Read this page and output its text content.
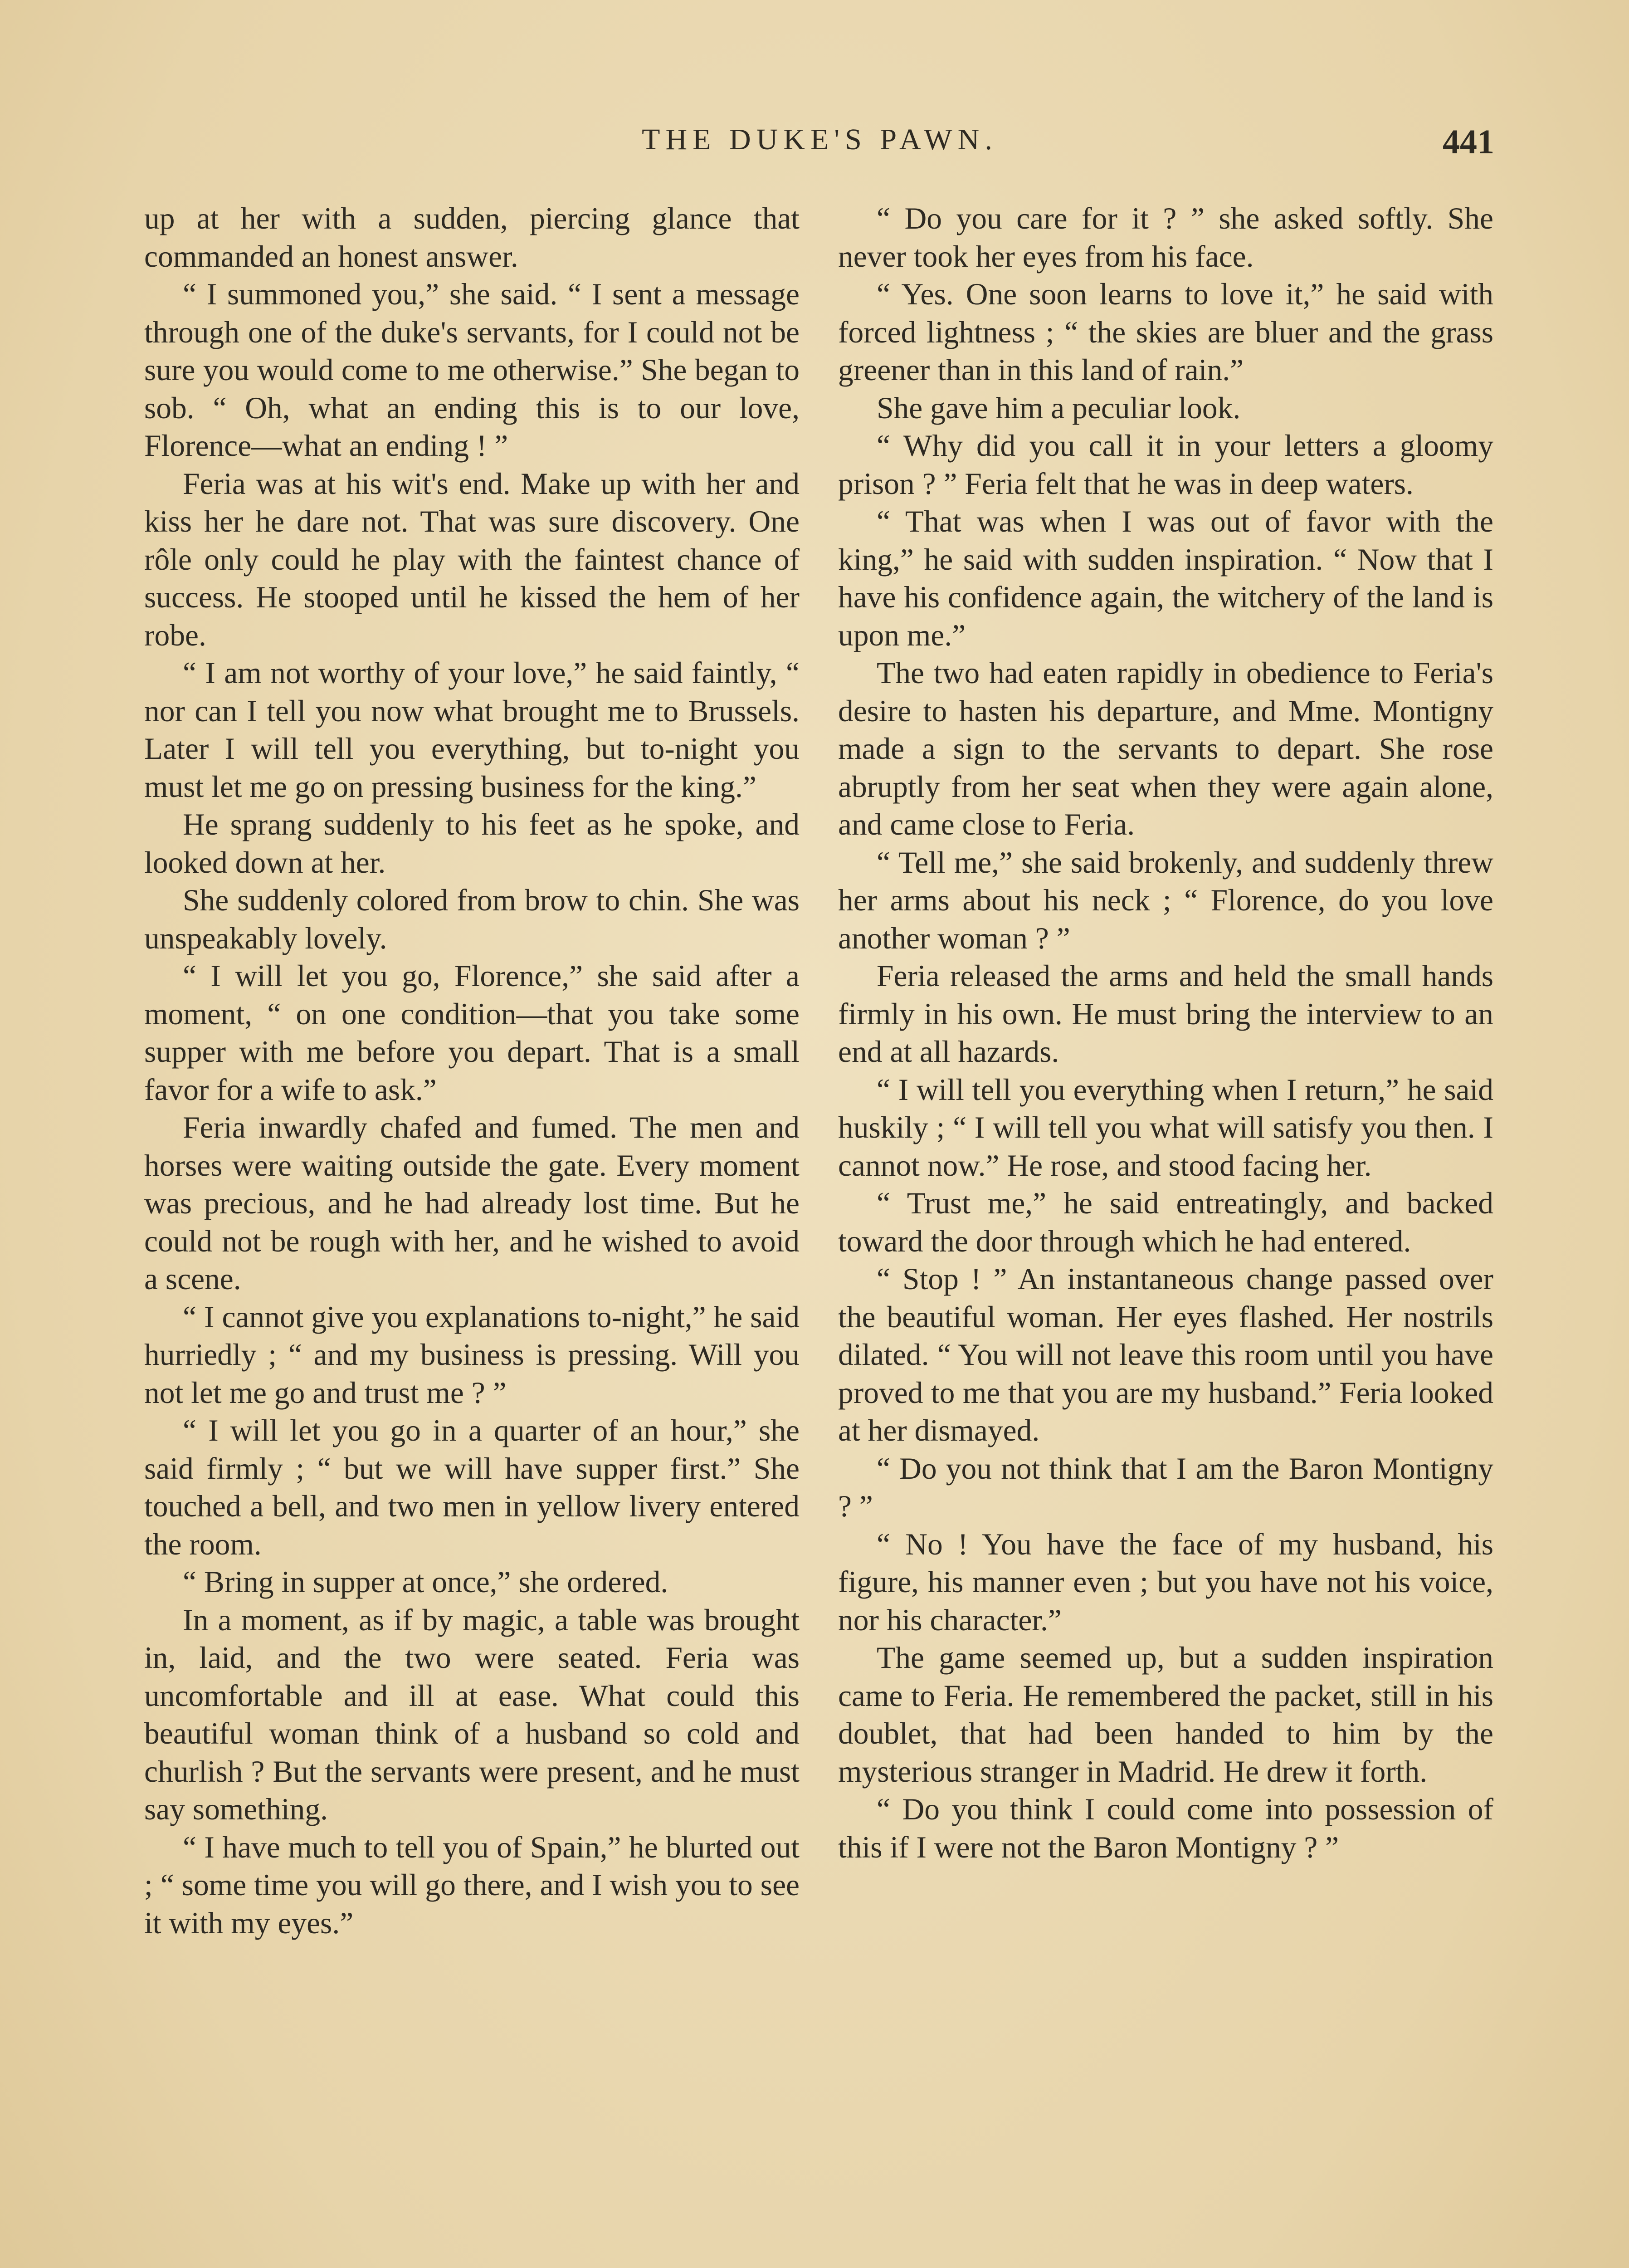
THE DUKE'S PAWN.	441

up at her with a sudden, piercing glance that commanded an honest answer.

“ I summoned you,” she said. “ I sent a message through one of the duke's servants, for I could not be sure you would come to me otherwise.” She began to sob. “ Oh, what an ending this is to our love, Florence—what an ending ! ”

Feria was at his wit's end. Make up with her and kiss her he dare not. That was sure discovery. One rôle only could he play with the faintest chance of success. He stooped until he kissed the hem of her robe.

“ I am not worthy of your love,” he said faintly, “ nor can I tell you now what brought me to Brussels. Later I will tell you everything, but to-night you must let me go on pressing business for the king.”

He sprang suddenly to his feet as he spoke, and looked down at her.

She suddenly colored from brow to chin. She was unspeakably lovely.

“ I will let you go, Florence,” she said after a moment, “ on one condition—that you take some supper with me before you depart. That is a small favor for a wife to ask.”

Feria inwardly chafed and fumed. The men and horses were waiting outside the gate. Every moment was precious, and he had already lost time. But he could not be rough with her, and he wished to avoid a scene.

“ I cannot give you explanations to-night,” he said hurriedly ; “ and my business is pressing. Will you not let me go and trust me ? ”

“ I will let you go in a quarter of an hour,” she said firmly ; “ but we will have supper first.” She touched a bell, and two men in yellow livery entered the room.

“ Bring in supper at once,” she ordered.

In a moment, as if by magic, a table was brought in, laid, and the two were seated. Feria was uncomfortable and ill at ease. What could this beautiful woman think of a husband so cold and churlish ? But the servants were present, and he must say something.

“ I have much to tell you of Spain,” he blurted out ; “ some time you will go there, and I wish you to see it with my eyes.”

“ Do you care for it ? ” she asked softly. She never took her eyes from his face.

“ Yes. One soon learns to love it,” he said with forced lightness ; “ the skies are bluer and the grass greener than in this land of rain.”

She gave him a peculiar look.

“ Why did you call it in your letters a gloomy prison ? ” Feria felt that he was in deep waters.

“ That was when I was out of favor with the king,” he said with sudden inspiration. “ Now that I have his confidence again, the witchery of the land is upon me.”

The two had eaten rapidly in obedience to Feria's desire to hasten his departure, and Mme. Montigny made a sign to the servants to depart. She rose abruptly from her seat when they were again alone, and came close to Feria.

“ Tell me,” she said brokenly, and suddenly threw her arms about his neck ; “ Florence, do you love another woman ? ”

Feria released the arms and held the small hands firmly in his own. He must bring the interview to an end at all hazards.

“ I will tell you everything when I return,” he said huskily ; “ I will tell you what will satisfy you then. I cannot now.” He rose, and stood facing her.

“ Trust me,” he said entreatingly, and backed toward the door through which he had entered.

“ Stop ! ” An instantaneous change passed over the beautiful woman. Her eyes flashed. Her nostrils dilated. “ You will not leave this room until you have proved to me that you are my husband.” Feria looked at her dismayed.

“ Do you not think that I am the Baron Montigny ? ”

“ No ! You have the face of my husband, his figure, his manner even ; but you have not his voice, nor his character.”

The game seemed up, but a sudden inspiration came to Feria. He remembered the packet, still in his doublet, that had been handed to him by the mysterious stranger in Madrid. He drew it forth.

“ Do you think I could come into possession of this if I were not the Baron Montigny ? ”
